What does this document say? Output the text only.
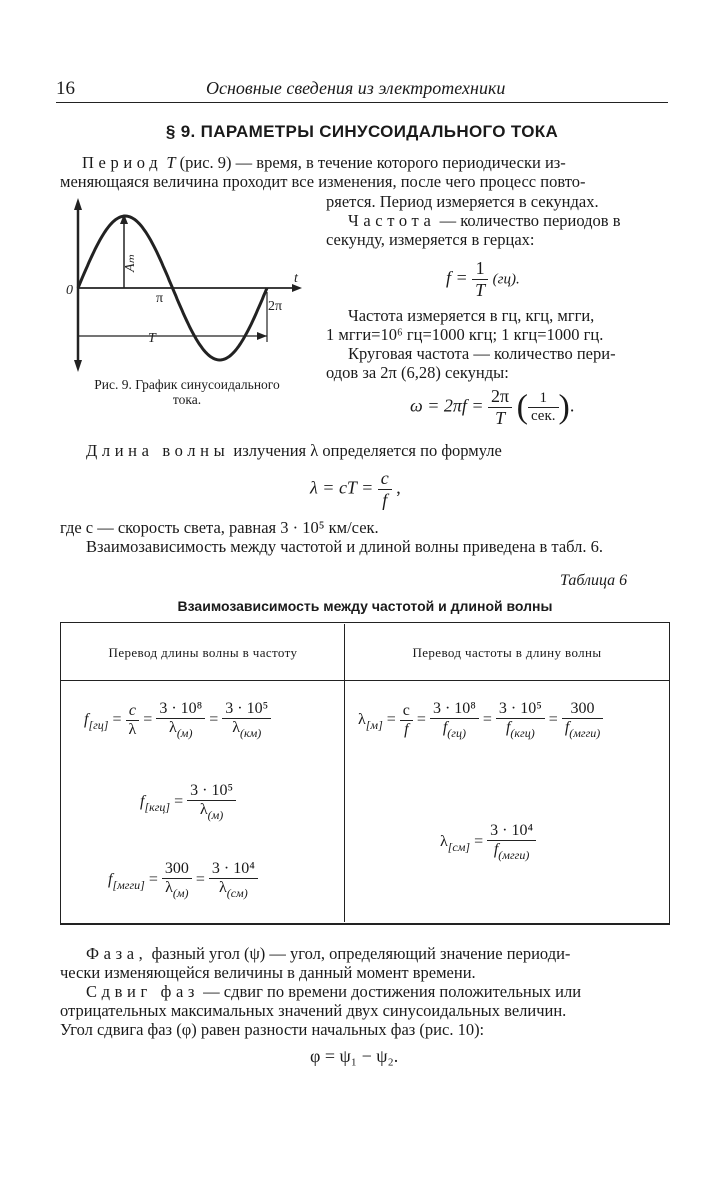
16	Основные сведения из электротехники
§ 9. ПАРАМЕТРЫ СИНУСОИДАЛЬНОГО ТОКА
Период T (рис. 9) — время, в течение которого периодически из-
меняющаяся величина проходит все изменения, после чего процесс повто-
ряется. Период измеряется в секундах.
Частота — количество периодов в
секунду, измеряется в герцах:
$f = \frac{1}{T} (гц)$.
Частота измеряется в гц, кгц, мгги,
1 мгги=10⁶ гц=1000 кгц; 1 кгц=1000 гц.
Круговая частота — количество пери-
одов за 2π (6,28) секунды:
$\omega = 2\pi f = \frac{2\pi}{T}$ ( $\frac{1}{\text{сек.}}$ ).
Aₘ
0
t
π
2π
T
Рис. 9. График синусоидального
тока.
Длина волны излучения λ определяется по формуле
λ = cT = $\frac{c}{f}$ ,
где c — скорость света, равная 3 · 10⁵ км/сек.
Взаимозависимость между частотой и длиной волны приведена в табл. 6.
Таблица 6
Взаимозависимость между частотой и длиной волны
Перевод длины волны в частоту	Перевод частоты в длину волны
$f_{[гц]} = \frac{c}{\lambda} = \frac{\text{3 · 10⁸}}{\lambda_{(м)}} = \frac{\text{3 · 10⁵}}{\lambda_{(км)}}$
$f_{[кгц]} = \frac{\text{3 · 10⁵}}{\lambda_{(м)}}$
$f_{[мгги]} = \frac{300}{\lambda_{(м)}} = \frac{\text{3 · 10⁴}}{\lambda_{(см)}}$
$\lambda_{[м]} = \frac{c}{f} = \frac{\text{3 · 10⁸}}{f_{(гц)}} = \frac{\text{3 · 10⁵}}{f_{(кгц)}} = \frac{300}{f_{(мгги)}}$
$\lambda_{[см]} = \frac{\text{3 · 10⁴}}{f_{(мгги)}}$
Фаза, фазный угол (ψ) — угол, определяющий значение периоди-
чески изменяющейся величины в данный момент времени.
Сдвиг фаз — сдвиг по времени достижения положительных или
отрицательных максимальных значений двух синусоидальных величин.
Угол сдвига фаз (φ) равен разности начальных фаз (рис. 10):
φ = ψ₁ − ψ₂.
